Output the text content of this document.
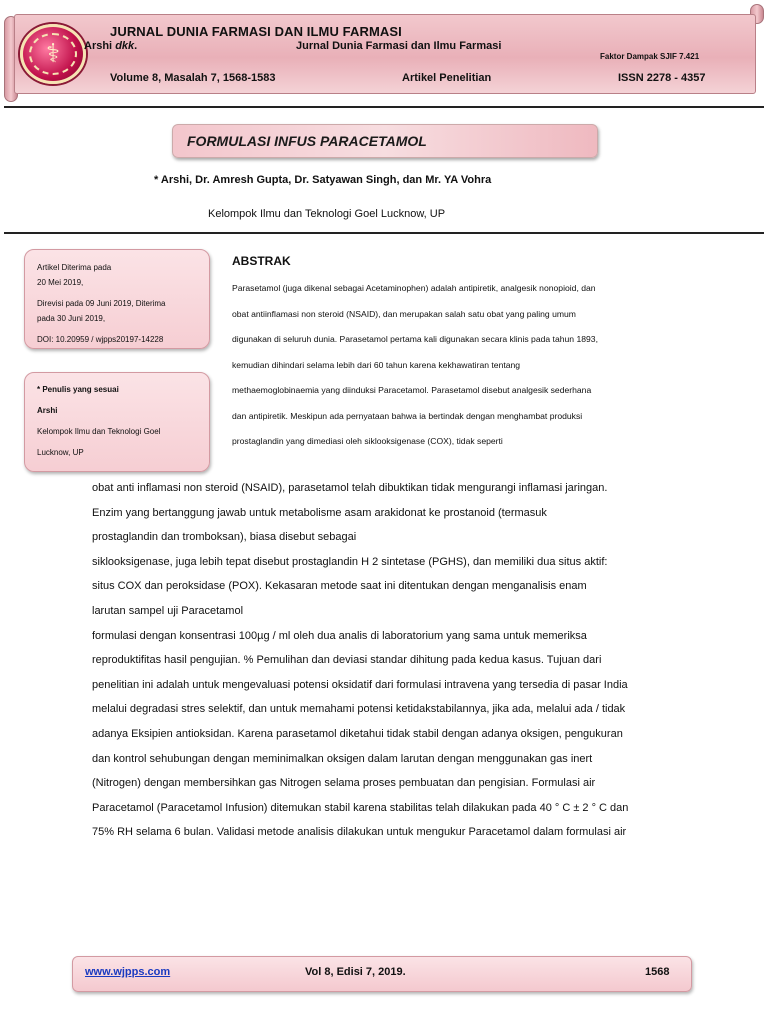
⚕
JURNAL DUNIA FARMASI DAN ILMU FARMASI
Arshi dkk.	Jurnal Dunia Farmasi dan Ilmu Farmasi
Faktor Dampak SJIF 7.421
Volume 8, Masalah 7, 1568-1583	Artikel Penelitian	ISSN 2278 - 4357
FORMULASI INFUS PARACETAMOL
* Arshi, Dr. Amresh Gupta, Dr. Satyawan Singh, dan Mr. YA Vohra
Kelompok Ilmu dan Teknologi Goel Lucknow, UP
Artikel Diterima pada
20 Mei 2019,
Direvisi pada 09 Juni 2019, Diterima
pada 30 Juni 2019,
DOI: 10.20959 / wjpps20197-14228
* Penulis yang sesuai
Arshi
Kelompok Ilmu dan Teknologi Goel
Lucknow, UP
ABSTRAK
Parasetamol (juga dikenal sebagai Acetaminophen) adalah antipiretik, analgesik nonopioid, dan
obat antiinflamasi non steroid (NSAID), dan merupakan salah satu obat yang paling umum
digunakan di seluruh dunia. Parasetamol pertama kali digunakan secara klinis pada tahun 1893,
kemudian dihindari selama lebih dari 60 tahun karena kekhawatiran tentang
methaemoglobinaemia yang diinduksi Paracetamol. Parasetamol disebut analgesik sederhana
dan antipiretik. Meskipun ada pernyataan bahwa ia bertindak dengan menghambat produksi
prostaglandin yang dimediasi oleh siklooksigenase (COX), tidak seperti
obat anti inflamasi non steroid (NSAID), parasetamol telah dibuktikan tidak mengurangi inflamasi jaringan.
Enzim yang bertanggung jawab untuk metabolisme asam arakidonat ke prostanoid (termasuk
prostaglandin dan tromboksan), biasa disebut sebagai
siklooksigenase, juga lebih tepat disebut prostaglandin H 2 sintetase (PGHS), dan memiliki dua situs aktif:
situs COX dan peroksidase (POX). Kekasaran metode saat ini ditentukan dengan menganalisis enam
larutan sampel uji Paracetamol
formulasi dengan konsentrasi 100µg / ml oleh dua analis di laboratorium yang sama untuk memeriksa
reproduktifitas hasil pengujian. % Pemulihan dan deviasi standar dihitung pada kedua kasus. Tujuan dari
penelitian ini adalah untuk mengevaluasi potensi oksidatif dari formulasi intravena yang tersedia di pasar India
melalui degradasi stres selektif, dan untuk memahami potensi ketidakstabilannya, jika ada, melalui ada / tidak
adanya Eksipien antioksidan. Karena parasetamol diketahui tidak stabil dengan adanya oksigen, pengukuran
dan kontrol sehubungan dengan meminimalkan oksigen dalam larutan dengan menggunakan gas inert
(Nitrogen) dengan membersihkan gas Nitrogen selama proses pembuatan dan pengisian. Formulasi air
Paracetamol (Paracetamol Infusion) ditemukan stabil karena stabilitas telah dilakukan pada 40 ° C ± 2 ° C dan
75% RH selama 6 bulan. Validasi metode analisis dilakukan untuk mengukur Paracetamol dalam formulasi air
www.wjpps.com	Vol 8, Edisi 7, 2019.	1568
